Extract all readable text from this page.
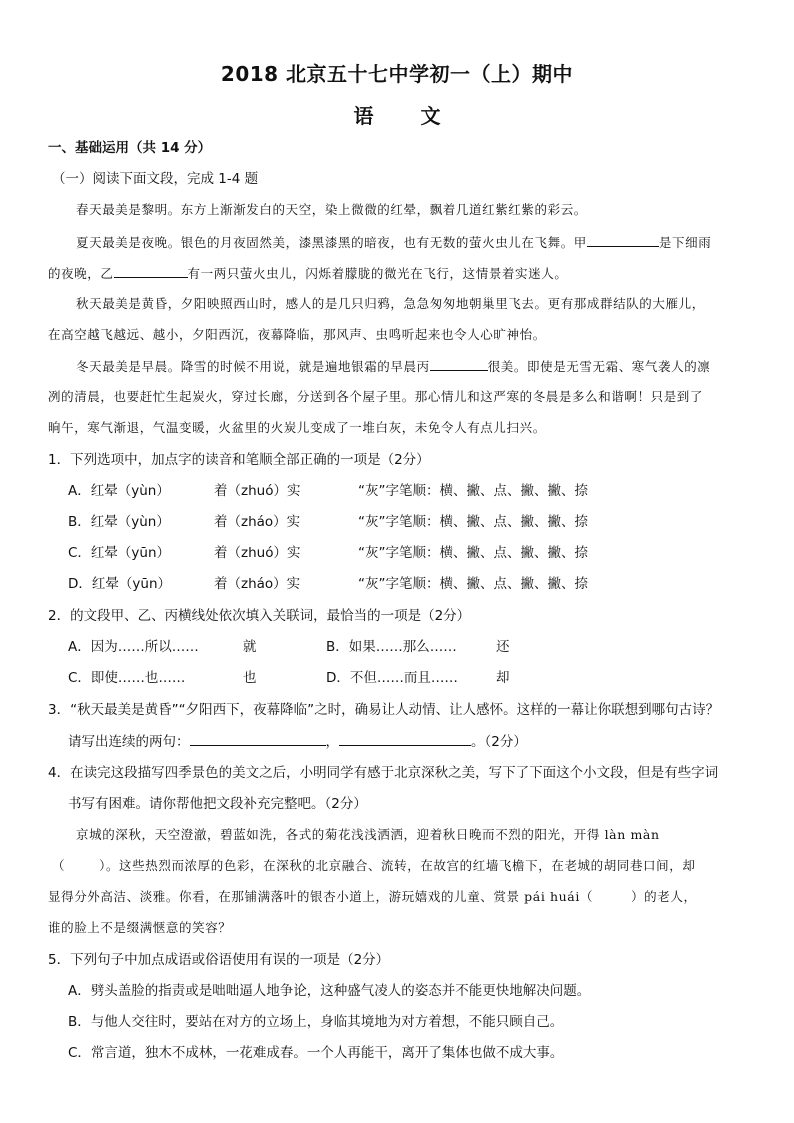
2018 北京五十七中学初一（上）期中
语 文
一、基础运用（共 14 分）
（一）阅读下面文段，完成 1-4 题
春天最美是黎明。东方上渐渐发白的天空，染上微微的红晕，飘着几道红紫红紫的彩云。
夏天最美是夜晚。银色的月夜固然美，漆黑漆黑的暗夜，也有无数的萤火虫儿在飞舞。甲	是下细雨
的夜晚，乙	有一两只萤火虫儿，闪烁着朦胧的微光在飞行，这情景着实迷人。
秋天最美是黄昏，夕阳映照西山时，感人的是几只归鸦，急急匆匆地朝巢里飞去。更有那成群结队的大雁儿，
在高空越飞越远、越小，夕阳西沉，夜幕降临，那风声、虫鸣听起来也令人心旷神怡。
冬天最美是早晨。降雪的时候不用说，就是遍地银霜的早晨丙	很美。即使是无雪无霜、寒气袭人的凛
冽的清晨，也要赶忙生起炭火，穿过长廊，分送到各个屋子里。那心情儿和这严寒的冬晨是多么和谐啊！只是到了
晌午，寒气渐退，气温变暖，火盆里的火炭儿变成了一堆白灰，未免令人有点儿扫兴。
1．下列选项中，加点字的读音和笔顺全部正确的一项是（2分）
A．红晕（yùn）	着（zhuó）实	“灰”字笔顺：横、撇、点、撇、撇、捺
B．红晕（yùn）	着（zháo）实	“灰”字笔顺：横、撇、点、撇、撇、捺
C．红晕（yūn）	着（zhuó）实	“灰”字笔顺：横、撇、点、撇、撇、捺
D．红晕（yūn）	着（zháo）实	“灰”字笔顺：横、撇、点、撇、撇、捺
2．的文段甲、乙、丙横线处依次填入关联词，最恰当的一项是（2分）
A．因为……所以……	就	B．如果……那么……	还
C．即使……也……	也	D．不但……而且……	却
3．“秋天最美是黄昏”“夕阳西下，夜幕降临”之时，确易让人动情、让人感怀。这样的一幕让你联想到哪句古诗？
请写出连续的两句：	，	。（2分）
4．在读完这段描写四季景色的美文之后，小明同学有感于北京深秋之美，写下了下面这个小文段，但是有些字词
书写有困难。请你帮他把文段补充完整吧。（2分）
京城的深秋，天空澄澈，碧蓝如洗，各式的菊花浅浅洒洒，迎着秋日晚而不烈的阳光，开得 làn màn
（	）。这些热烈而浓厚的色彩，在深秋的北京融合、流转，在故宫的红墙飞檐下，在老城的胡同巷口间，却
显得分外高洁、淡雅。你看，在那铺满落叶的银杏小道上，游玩嬉戏的儿童、赏景 pái huái（	）的老人，
谁的脸上不是缀满惬意的笑容？
5．下列句子中加点成语或俗语使用有误的一项是（2分）
A．劈头盖脸的指责或是咄咄逼人地争论，这种盛气凌人的姿态并不能更快地解决问题。
B．与他人交往时，要站在对方的立场上，身临其境地为对方着想，不能只顾自己。
C．常言道，独木不成林，一花难成春。一个人再能干，离开了集体也做不成大事。
